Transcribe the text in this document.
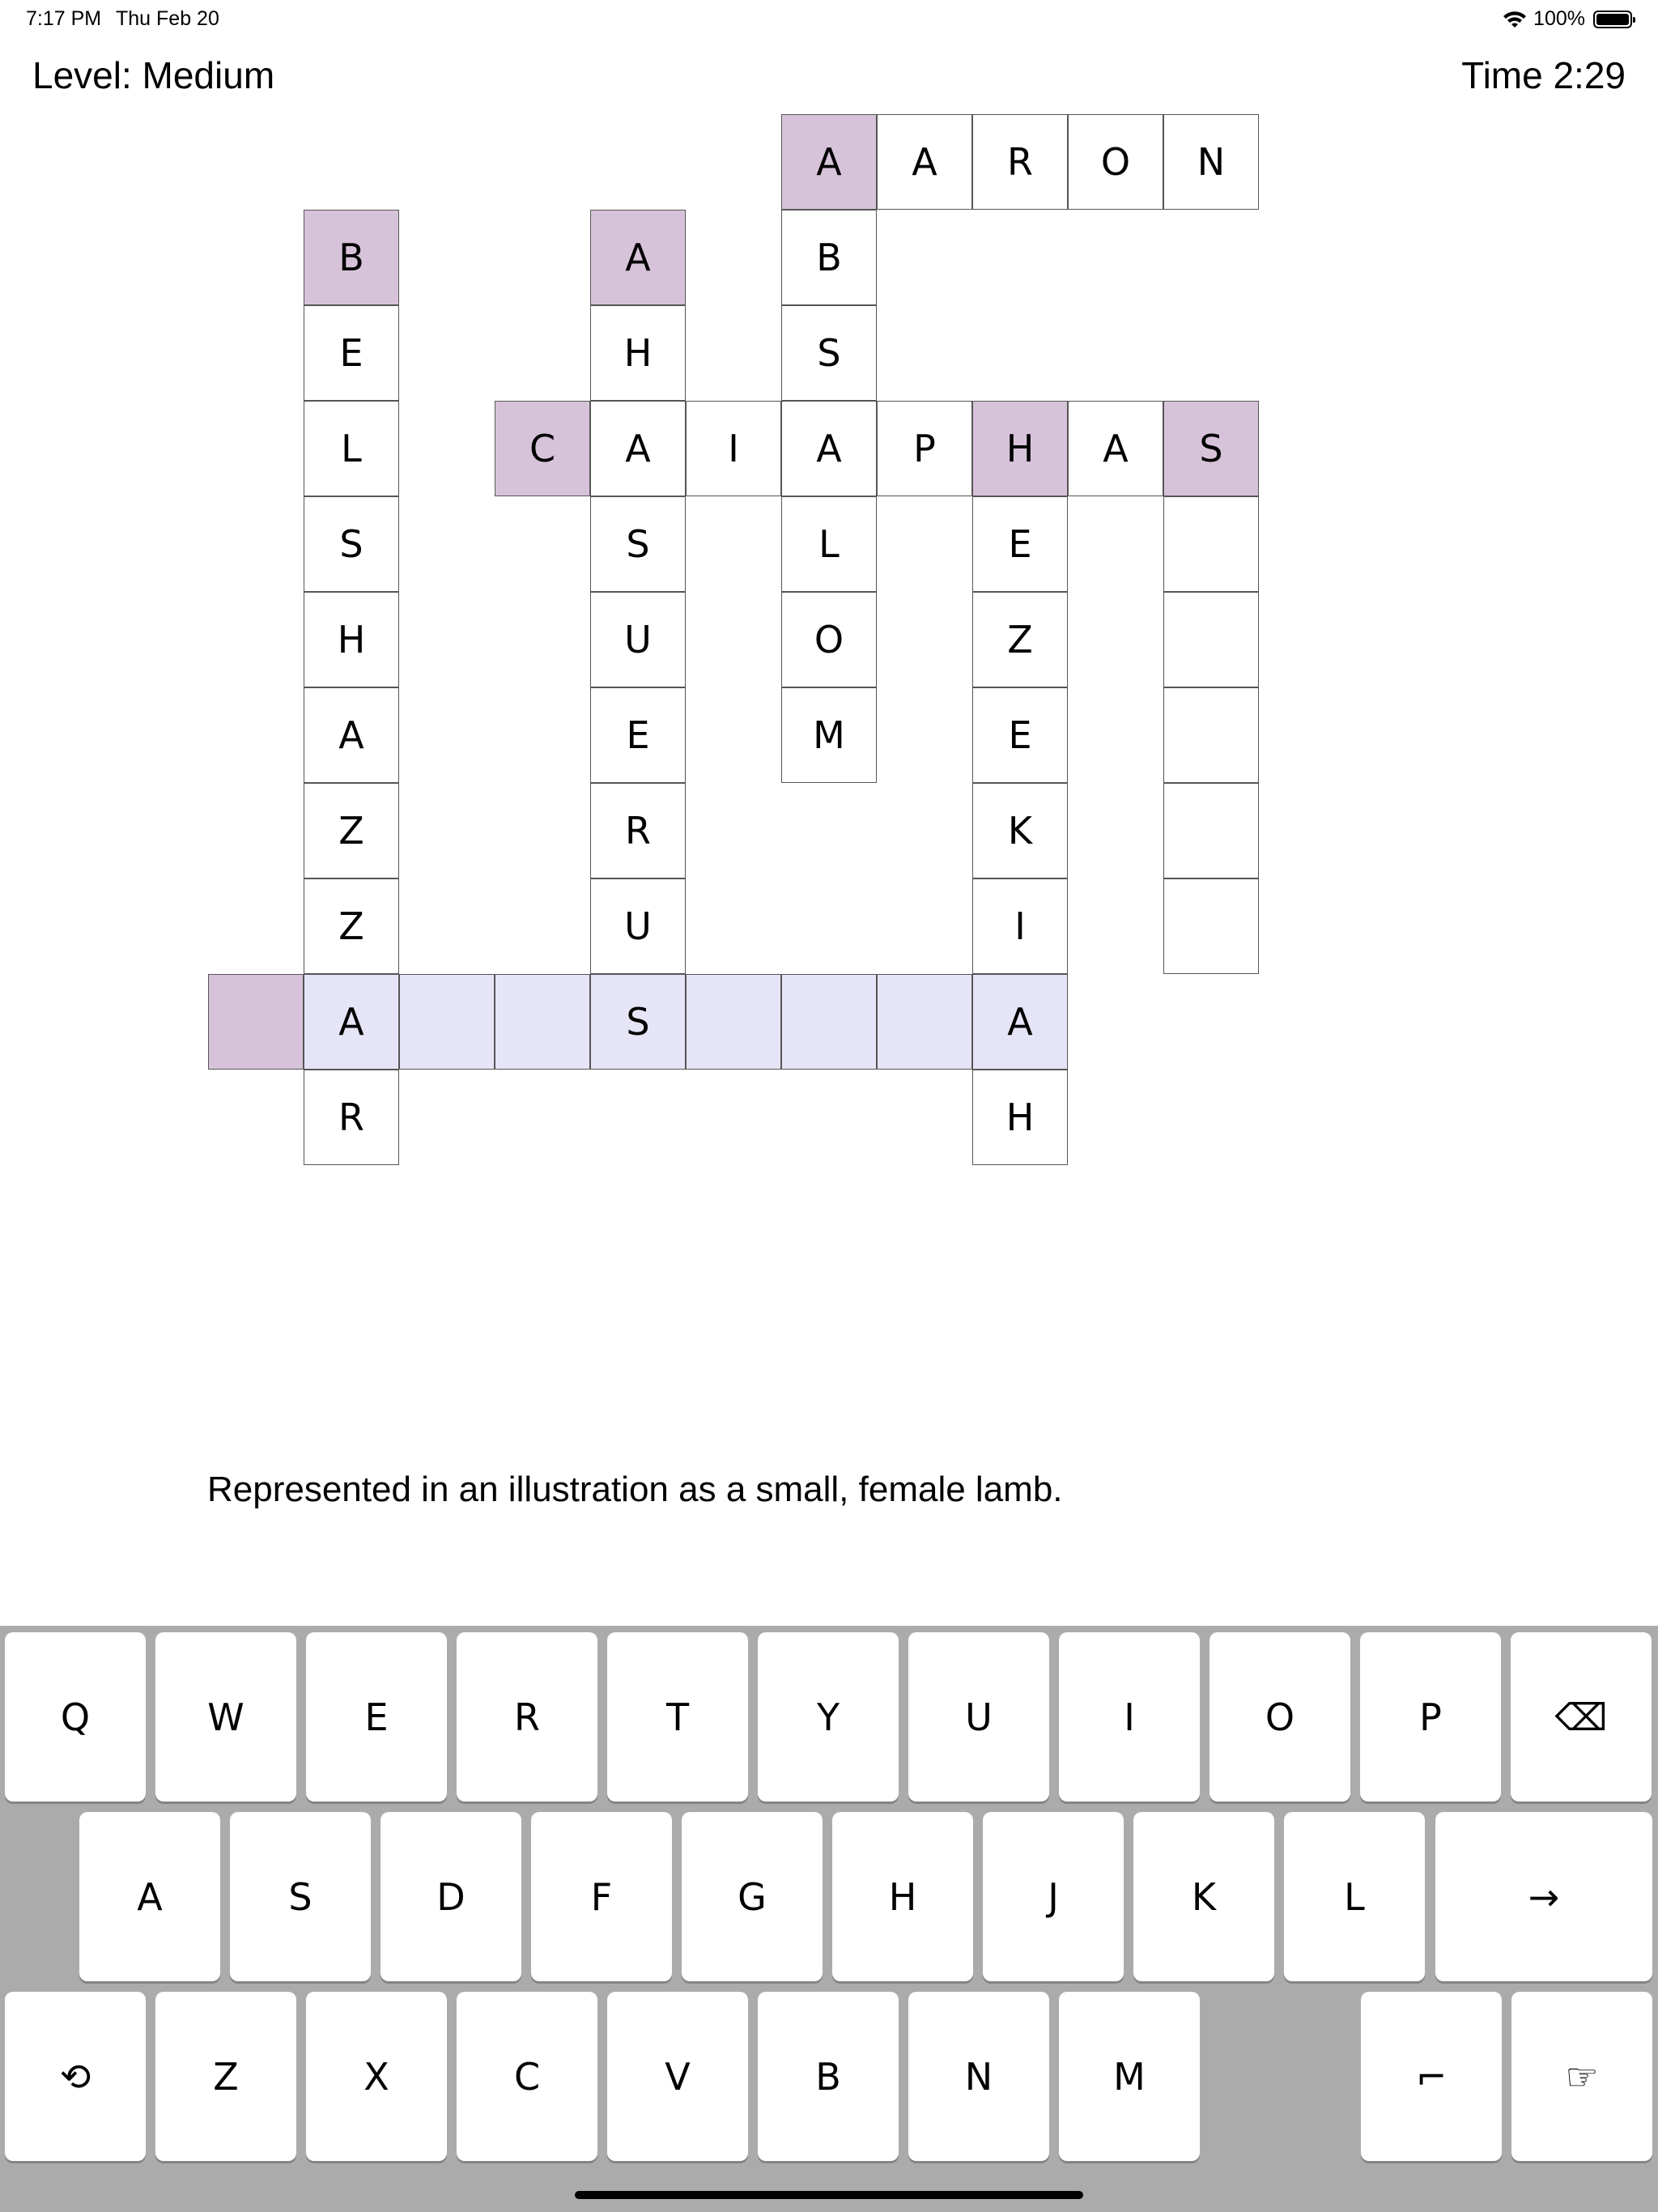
7:17 PM Thu Feb 20	100%
Level: Medium	Time 2:29
A	A	R	O	N
B	A	B
E	H	S
L	C	A	I	A	P	H	A	S
S	S	L	E
H	U	O	Z
A	E	M	E
Z	R	K
Z	U	I
A	S	A
R	H
Represented in an illustration as a small, female lamb.
Q	W	E	R	T	Y	U	I	O	P	⌫
A	S	D	F	G	H	J	K	L	→
⟲	Z	X	C	V	B	N	M	⌐	☞
